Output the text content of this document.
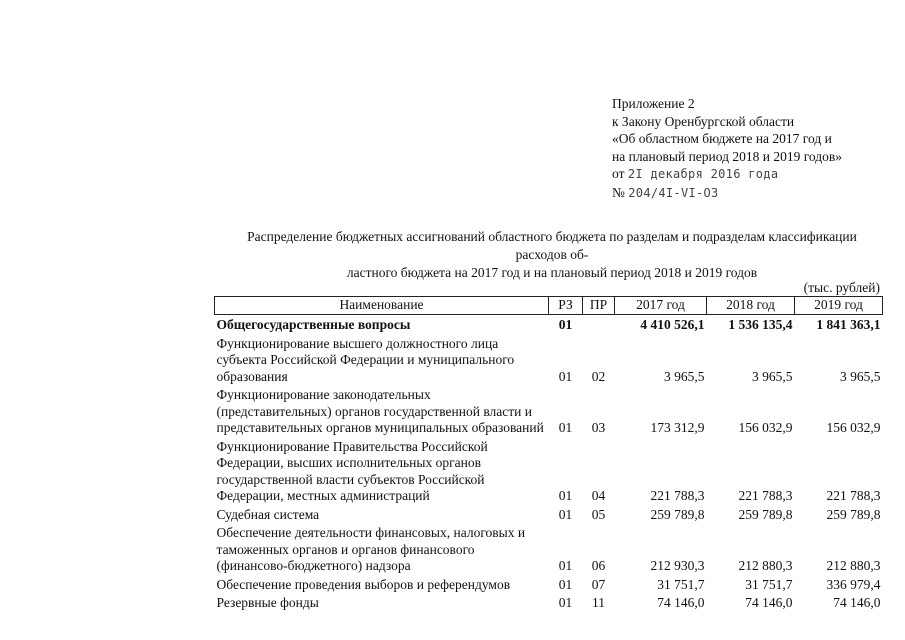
Приложение 2
к Закону Оренбургской области
«Об областном бюджете на 2017 год и
на плановый период 2018 и 2019 годов»
от 2I декабря 2016 года
№ 204/4I-VI-ОЗ
Распределение бюджетных ассигнований областного бюджета по разделам и подразделам классификации расходов об-
ластного бюджета на 2017 год и на плановый период 2018 и 2019 годов
(тыс. рублей)
Наименование	РЗ	ПР	2017 год	2018 год	2019 год
Общегосударственные вопросы	01		4 410 526,1	1 536 135,4	1 841 363,1
Функционирование высшего должностного лица субъекта Российской Федерации и муниципального образования	01	02	3 965,5	3 965,5	3 965,5
Функционирование законодательных (представительных) органов государственной власти и представительных органов муниципальных образований	01	03	173 312,9	156 032,9	156 032,9
Функционирование Правительства Российской Федерации, высших исполнительных органов государственной власти субъектов Российской Федерации, местных администраций	01	04	221 788,3	221 788,3	221 788,3
Судебная система	01	05	259 789,8	259 789,8	259 789,8
Обеспечение деятельности финансовых, налоговых и таможенных органов и органов финансового (финансово-бюджетного) надзора	01	06	212 930,3	212 880,3	212 880,3
Обеспечение проведения выборов и референдумов	01	07	31 751,7	31 751,7	336 979,4
Резервные фонды	01	11	74 146,0	74 146,0	74 146,0
